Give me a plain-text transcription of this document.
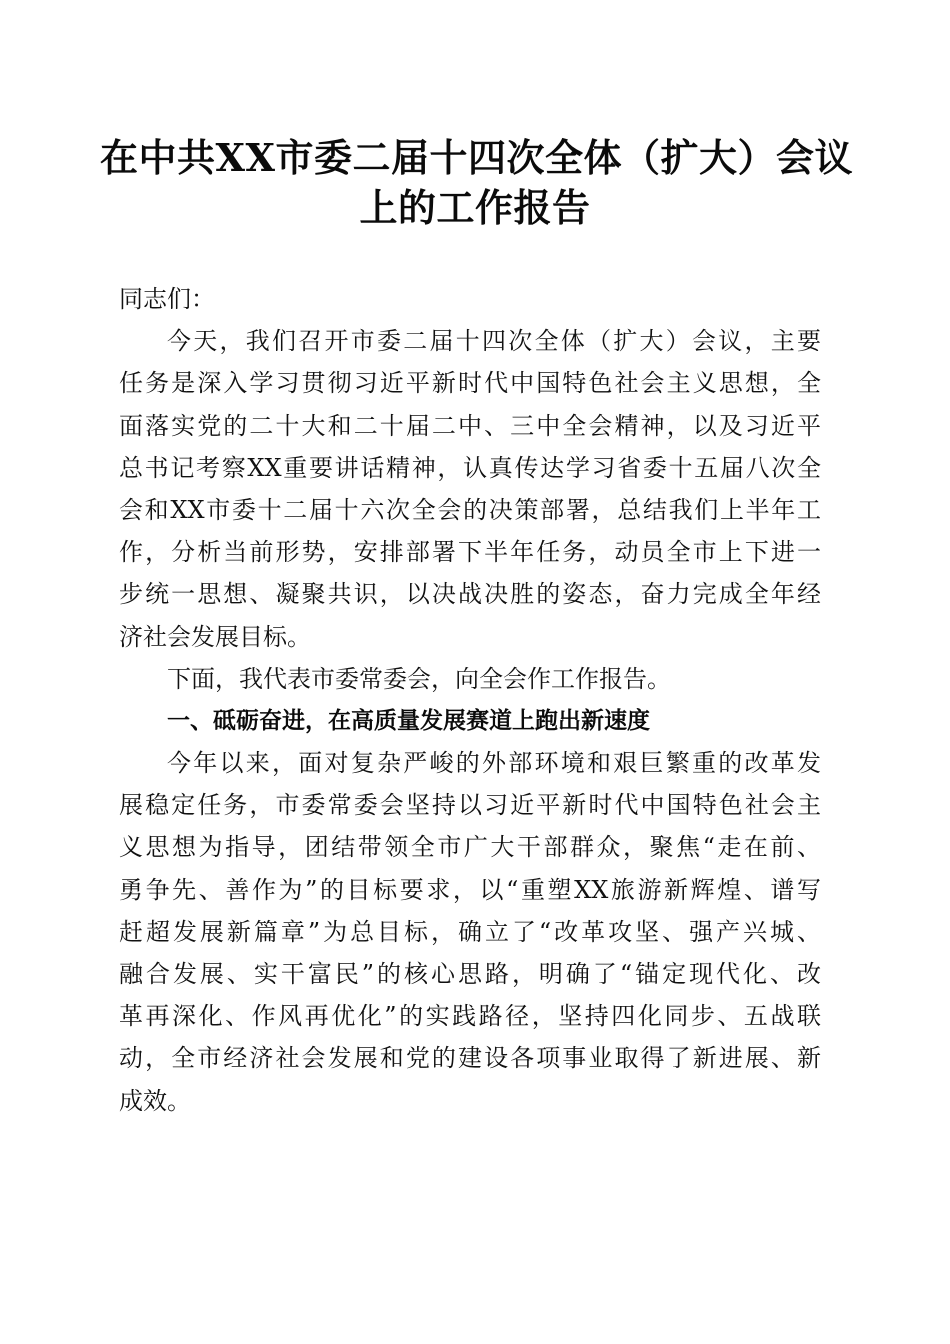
在中共XX市委二届十四次全体（扩大）会议
上的工作报告
同志们：
今天，我们召开市委二届十四次全体（扩大）会议，主要
任务是深入学习贯彻习近平新时代中国特色社会主义思想，全
面落实党的二十大和二十届二中、三中全会精神，以及习近平
总书记考察XX重要讲话精神，认真传达学习省委十五届八次全
会和XX市委十二届十六次全会的决策部署，总结我们上半年工
作，分析当前形势，安排部署下半年任务，动员全市上下进一
步统一思想、凝聚共识，以决战决胜的姿态，奋力完成全年经
济社会发展目标。
下面，我代表市委常委会，向全会作工作报告。
一、砥砺奋进，在高质量发展赛道上跑出新速度
今年以来，面对复杂严峻的外部环境和艰巨繁重的改革发
展稳定任务，市委常委会坚持以习近平新时代中国特色社会主
义思想为指导，团结带领全市广大干部群众，聚焦“走在前、
勇争先、善作为”的目标要求，以“重塑XX旅游新辉煌、谱写
赶超发展新篇章”为总目标，确立了“改革攻坚、强产兴城、
融合发展、实干富民”的核心思路，明确了“锚定现代化、改
革再深化、作风再优化”的实践路径，坚持四化同步、五战联
动，全市经济社会发展和党的建设各项事业取得了新进展、新
成效。
